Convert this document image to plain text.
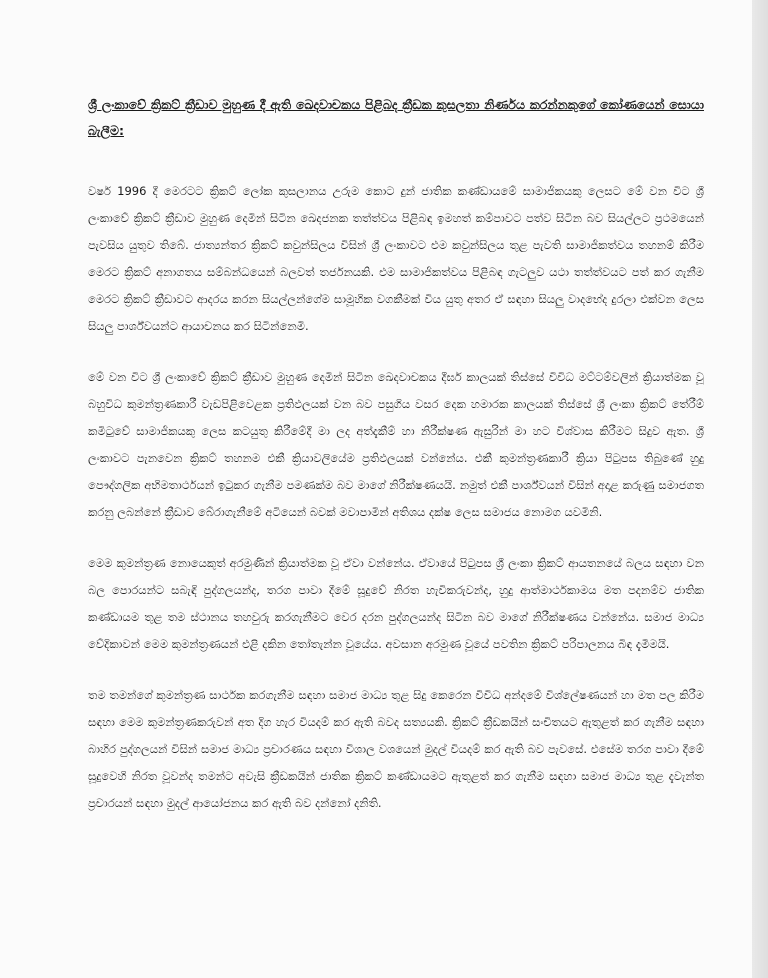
ශ්‍රී ලංකාවේ ක්‍රිකට් ක්‍රීඩාව මුහුණ දී ඇති ඛෙදවාචකය පිළිබද ක්‍රීඩක කුසලතා නිර්ණය කරන්නකුගේ කෝණයෙන් සොයා බැලීම:

වර්ෂ 1996 දී මෙරටට ක්‍රිකට් ලෝක කුසලානය උරුම කොට දුන් ජාතික කණ්ඩායමේ සාමාජිකයකු ලෙසට මේ වන විට ශ්‍රී ලංකාවේ ක්‍රිකට් ක්‍රීඩාව මුහුණ දෙමින් සිටින ඛෙදජනක තත්ත්වය පිළිබඳ ඉමහත් කම්පාවට පත්ව සිටින බව සියල්ලට ප්‍රථමයෙන් පැවසිය යුතුව තිබේ. ජාත්‍යන්තර ක්‍රිකට් කවුන්සිලය විසින් ශ්‍රී ලංකාවට එම කවුන්සිලය තුළ පැවති සාමාජිකත්වය තහනම් කිරීම මෙරට ක්‍රිකට් අනාගතය සම්බන්ධයෙන් බලවත් තර්ජනයකි. එම සාමාජිකත්වය පිළිබඳ ගැටලුව යථා තත්ත්වයට පත් කර ගැනීම මෙරට ක්‍රිකට් ක්‍රීඩාවට ආදරය කරන සියල්ලන්ගේම සාමූහික වගකීමක් විය යුතු අතර ඒ සඳහා සියලු වාදභේද දුරලා එක්වන ලෙස සියලු පාර්ශ්වයන්ට ආයාචනය කර සිටින්නෙමි.

මේ වන විට ශ්‍රී ලංකාවේ ක්‍රිකට් ක්‍රීඩාව මුහුණ දෙමින් සිටින ඛෙදවාචකය දීර්ඝ කාලයක් තිස්සේ විවිධ මට්ටම්වලින් ක්‍රියාත්මක වූ බහුවිධ කුමන්ත්‍රණකාරී වැඩපිළිවෙළක ප්‍රතිඵලයක් වන බව පසුගිය වසර දෙක හමාරක කාලයක් තිස්සේ ශ්‍රී ලංකා ක්‍රිකට් තේරීම් කමිටුවේ සාමාජිකයකු ලෙස කටයුතු කිරීමේදී මා ලද අත්දැකීම් හා නිරීක්ෂණ ඇසුරින් මා හට විශ්වාස කිරීමට සිදුව ඇත. ශ්‍රී ලංකාවට පැනවෙන ක්‍රිකට් තහනම එකී ක්‍රියාවලියේම ප්‍රතිඵලයක් වන්නේය. එකී කුමන්ත්‍රණකාරී ක්‍රියා පිටුපස තිබුණේ හුදු පෞද්ගලික අභිමතාර්ථයන් ඉටුකර ගැනීම පමණක්ම බව මාගේ නිරීක්ෂණයයි. නමුත් එකී පාර්ශ්වයන් විසින් අදාළ කරුණු සමාජගත කරනු ලබන්නේ ක්‍රීඩාව බේරාගැනීමේ අටියෙන් බවක් මවාපාමින් අතිශය දක්ෂ ලෙස සමාජය නොමග යවමිනි.

මෙම කුමන්ත්‍රණ නොයෙකුත් අරමුණින් ක්‍රියාත්මක වූ ඒවා වන්නේය. ඒවායේ පිටුපස ශ්‍රී ලංකා ක්‍රිකට් ආයතනයේ බලය සඳහා වන බල පොරයන්ට සබැඳි පුද්ගලයන්ද, තරග පාවා දීමේ සූදුවේ නිරත හැවිකරුවන්ද, හුදු ආත්මාර්ථකාමය මත පදනම්ව ජාතික කණ්ඩායම තුළ තම ස්ථානය තහවුරු කරගැනීමට වෙර දරන පුද්ගලයන්ද සිටින බව මාගේ නිරීක්ෂණය වන්නේය. සමාජ මාධ්‍ය වේදිකාවන් මෙම කුමන්ත්‍රණයන් එළි දකින තෝතැන්න වූයේය. අවසාන අරමුණ වූයේ පවතින ක්‍රිකට් පරිපාලනය බිඳ දැමීමයි.

තම තමන්ගේ කුමන්ත්‍රණ සාර්ථක කරගැනීම සඳහා සමාජ මාධ්‍ය තුළ සිදු කෙරෙන විවිධ අන්දමේ විශ්ලේෂණයන් හා මත පල කිරීම සඳහා මෙම කුමන්ත්‍රණකරුවන් අත දිග හැර වියදම් කර ඇති බවද සත්‍යයකි. ක්‍රිකට් ක්‍රීඩකයින් සංචිතයට ඇතුළත් කර ගැනීම සඳහා බාහිර පුද්ගලයන් විසින් සමාජ මාධ්‍ය ප්‍රචාරණය සඳහා විශාල වශයෙන් මුදල් වියදම් කර ඇති බව පැවසේ. එසේම තරග පාවා දීමේ සූදුවෙහි නිරත වූවන්ද තමන්ට අවැසි ක්‍රීඩකයින් ජාතික ක්‍රිකට් කණ්ඩායමට ඇතුළත් කර ගැනීම සඳහා සමාජ මාධ්‍ය තුළ දැවැන්ත ප්‍රචාරයන් සඳහා මුදල් ආයෝජනය කර ඇති බව දන්නෝ දනිති.
